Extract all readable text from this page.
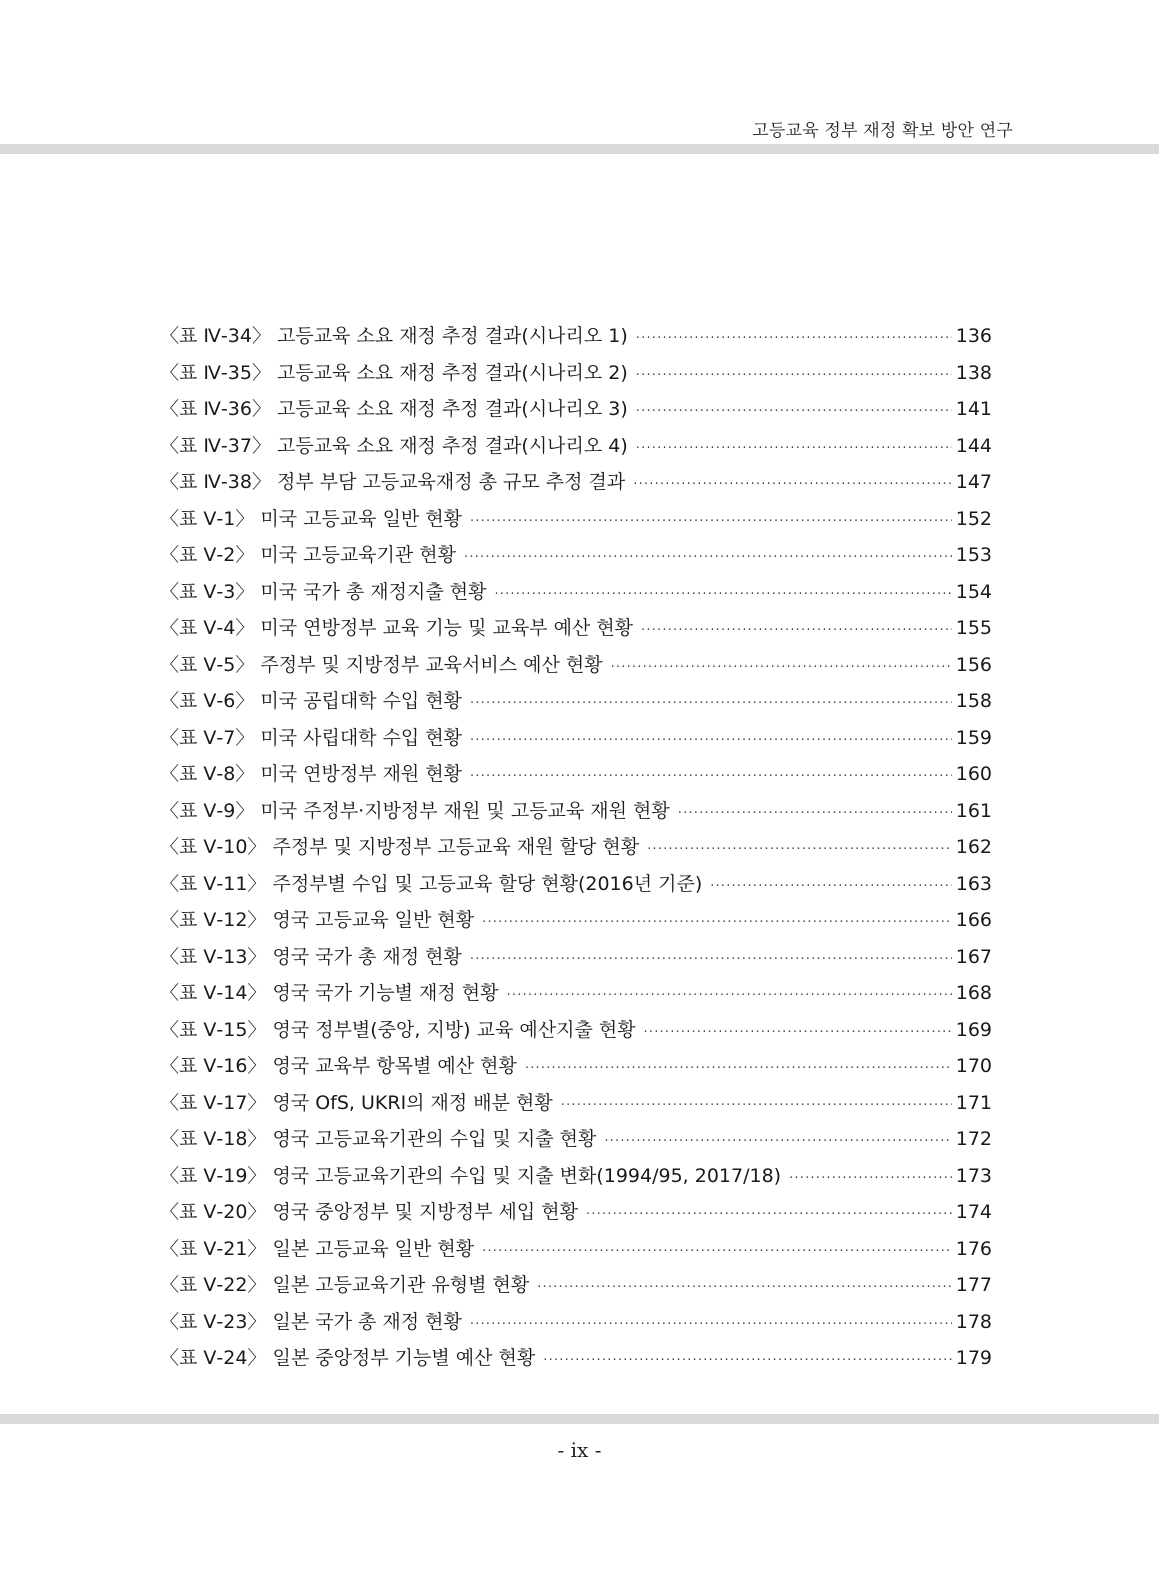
고등교육 정부 재정 확보 방안 연구
〈표 Ⅳ-34〉 고등교육 소요 재정 추정 결과(시나리오 1) ·····	136
〈표 Ⅳ-35〉 고등교육 소요 재정 추정 결과(시나리오 2) ·····	138
〈표 Ⅳ-36〉 고등교육 소요 재정 추정 결과(시나리오 3) ·····	141
〈표 Ⅳ-37〉 고등교육 소요 재정 추정 결과(시나리오 4) ·····	144
〈표 Ⅳ-38〉 정부 부담 고등교육재정 총 규모 추정 결과 ·····	147
〈표 Ⅴ-1〉 미국 고등교육 일반 현황 ·····	152
〈표 Ⅴ-2〉 미국 고등교육기관 현황 ·····	153
〈표 Ⅴ-3〉 미국 국가 총 재정지출 현황 ·····	154
〈표 Ⅴ-4〉 미국 연방정부 교육 기능 및 교육부 예산 현황 ·····	155
〈표 Ⅴ-5〉 주정부 및 지방정부 교육서비스 예산 현황 ·····	156
〈표 Ⅴ-6〉 미국 공립대학 수입 현황 ·····	158
〈표 Ⅴ-7〉 미국 사립대학 수입 현황 ·····	159
〈표 Ⅴ-8〉 미국 연방정부 재원 현황 ·····	160
〈표 Ⅴ-9〉 미국 주정부·지방정부 재원 및 고등교육 재원 현황 ·····	161
〈표 Ⅴ-10〉 주정부 및 지방정부 고등교육 재원 할당 현황 ·····	162
〈표 Ⅴ-11〉 주정부별 수입 및 고등교육 할당 현황(2016년 기준) ·····	163
〈표 Ⅴ-12〉 영국 고등교육 일반 현황 ·····	166
〈표 Ⅴ-13〉 영국 국가 총 재정 현황 ·····	167
〈표 Ⅴ-14〉 영국 국가 기능별 재정 현황 ·····	168
〈표 Ⅴ-15〉 영국 정부별(중앙, 지방) 교육 예산지출 현황 ·····	169
〈표 Ⅴ-16〉 영국 교육부 항목별 예산 현황 ·····	170
〈표 Ⅴ-17〉 영국 OfS, UKRI의 재정 배분 현황 ·····	171
〈표 Ⅴ-18〉 영국 고등교육기관의 수입 및 지출 현황 ·····	172
〈표 Ⅴ-19〉 영국 고등교육기관의 수입 및 지출 변화(1994/95, 2017/18) ·····	173
〈표 Ⅴ-20〉 영국 중앙정부 및 지방정부 세입 현황 ·····	174
〈표 Ⅴ-21〉 일본 고등교육 일반 현황 ·····	176
〈표 Ⅴ-22〉 일본 고등교육기관 유형별 현황 ·····	177
〈표 Ⅴ-23〉 일본 국가 총 재정 현황 ·····	178
〈표 Ⅴ-24〉 일본 중앙정부 기능별 예산 현황 ·····	179
- ix -
